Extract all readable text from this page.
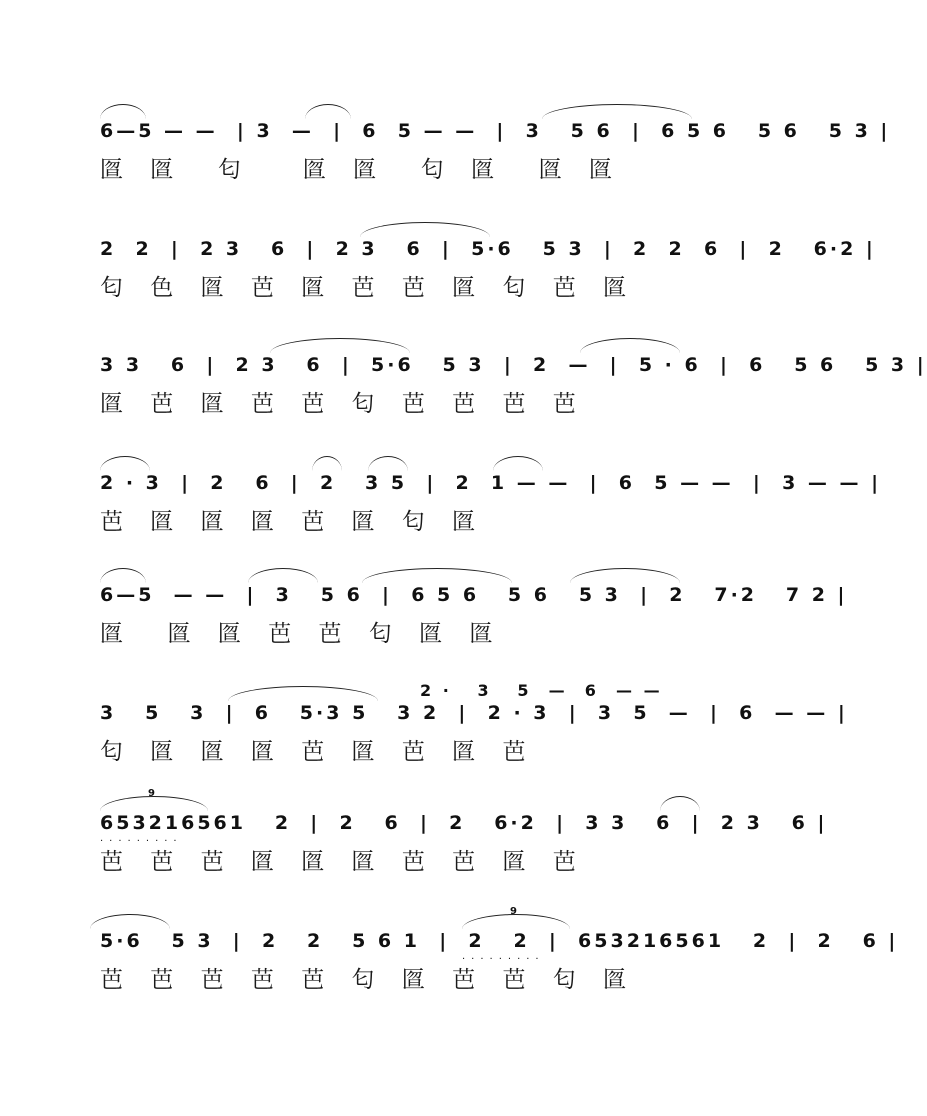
6—5 — —  | 3  —  |  6  5 — —  |  3   5 6  |  6 5 6   5 6   5 3 |
匫 匫  匂   匫 匫  匂 匫  匫 匫
2  2  |  2 3   6  |  2 3   6  |  5·6   5 3  |  2  2  6  |  2   6·2 |
匂 色 匫 芭 匫 芭 芭 匫 匂 芭 匫
3 3   6  |  2 3   6  |  5·6   5 3  |  2  —  |  5 · 6  |  6   5 6   5 3 |
匫 芭 匫 芭 芭 匂 芭 芭 芭 芭
2 · 3  |  2   6  |  2   3 5  |  2  1 — —  |  6  5 — —  |  3 — — |
芭 匫 匫 匫 芭 匫 匂 匫
6—5  — —  |  3   5 6  |  6 5 6   5 6   5 3  |  2   7·2   7 2 |
匫  匫 匫 芭 芭 匂 匫 匫
2 ·   3   5  —  6  — —
3   5   3  |  6   5·3 5   3 2  |  2 · 3  |  3  5  —  |  6  — — |
匂 匫 匫 匫 芭 匫 芭 匫 芭
9
·········
653216561   2  |  2   6  |  2   6·2  |  3 3   6  |  2 3   6 |
芭 芭 芭 匫 匫 匫 芭 芭 匫 芭
9
·········
5·6   5 3  |  2   2   5 6 1  |  2   2  |  653216561   2  |  2   6 |
芭 芭 芭 芭 芭 匂 匫 芭 芭 匂 匫
